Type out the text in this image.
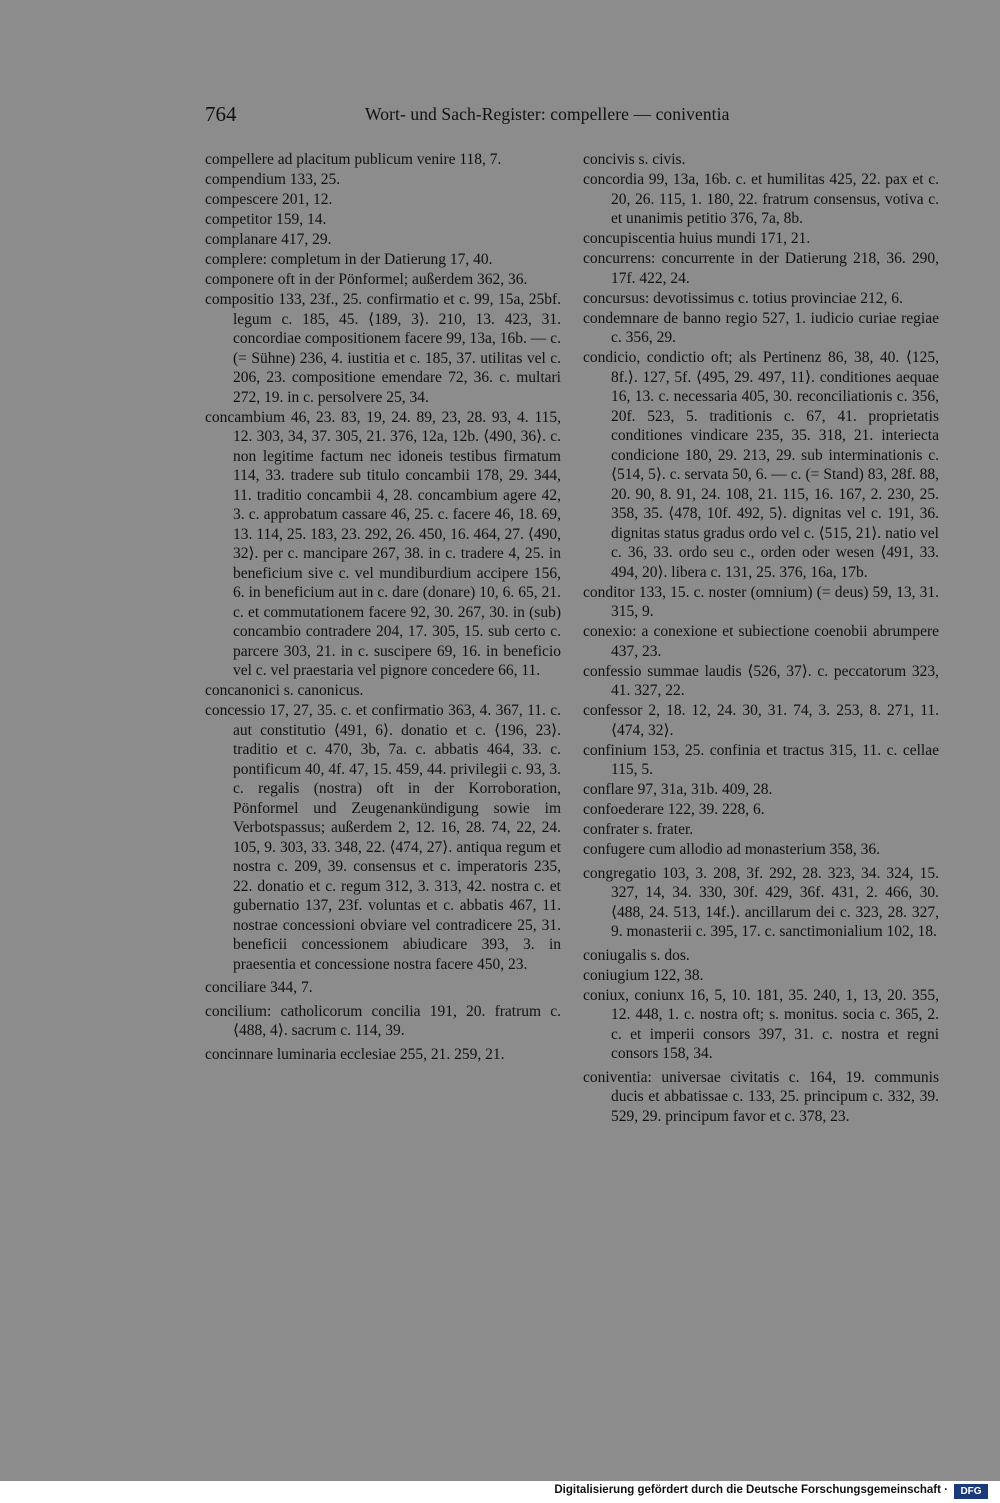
764	Wort- und Sach-Register: compellere — coniventia

compellere ad placitum publicum venire 118, 7.

compendium 133, 25.

compescere 201, 12.

competitor 159, 14.

complanare 417, 29.

complere: completum in der Datierung 17, 40.

componere oft in der Pönformel; außerdem 362, 36.

compositio 133, 23f., 25. confirmatio et c. 99, 15a, 25bf. legum c. 185, 45. ⟨189, 3⟩. 210, 13. 423, 31. concordiae compositionem facere 99, 13a, 16b. — c. (= Sühne) 236, 4. iustitia et c. 185, 37. utilitas vel c. 206, 23. compositione emendare 72, 36. c. multari 272, 19. in c. persolvere 25, 34.

concambium 46, 23. 83, 19, 24. 89, 23, 28. 93, 4. 115, 12. 303, 34, 37. 305, 21. 376, 12a, 12b. ⟨490, 36⟩. c. non legitime factum nec idoneis testibus firmatum 114, 33. tradere sub titulo concambii 178, 29. 344, 11. traditio concambii 4, 28. concambium agere 42, 3. c. approbatum cassare 46, 25. c. facere 46, 18. 69, 13. 114, 25. 183, 23. 292, 26. 450, 16. 464, 27. ⟨490, 32⟩. per c. mancipare 267, 38. in c. tradere 4, 25. in beneficium sive c. vel mundiburdium accipere 156, 6. in beneficium aut in c. dare (donare) 10, 6. 65, 21. c. et commutationem facere 92, 30. 267, 30. in (sub) concambio contradere 204, 17. 305, 15. sub certo c. parcere 303, 21. in c. suscipere 69, 16. in beneficio vel c. vel praestaria vel pignore concedere 66, 11.

concanonici s. canonicus.

concessio 17, 27, 35. c. et confirmatio 363, 4. 367, 11. c. aut constitutio ⟨491, 6⟩. donatio et c. ⟨196, 23⟩. traditio et c. 470, 3b, 7a. c. abbatis 464, 33. c. pontificum 40, 4f. 47, 15. 459, 44. privilegii c. 93, 3. c. regalis (nostra) oft in der Korroboration, Pönformel und Zeugenankündigung sowie im Verbotspassus; außerdem 2, 12. 16, 28. 74, 22, 24. 105, 9. 303, 33. 348, 22. ⟨474, 27⟩. antiqua regum et nostra c. 209, 39. consensus et c. imperatoris 235, 22. donatio et c. regum 312, 3. 313, 42. nostra c. et gubernatio 137, 23f. voluntas et c. abbatis 467, 11. nostrae concessioni obviare vel contradicere 25, 31. beneficii concessionem abiudicare 393, 3. in praesentia et concessione nostra facere 450, 23.

conciliare 344, 7.

concilium: catholicorum concilia 191, 20. fratrum c. ⟨488, 4⟩. sacrum c. 114, 39.

concinnare luminaria ecclesiae 255, 21. 259, 21.

concivis s. civis.

concordia 99, 13a, 16b. c. et humilitas 425, 22. pax et c. 20, 26. 115, 1. 180, 22. fratrum consensus, votiva c. et unanimis petitio 376, 7a, 8b.

concupiscentia huius mundi 171, 21.

concurrens: concurrente in der Datierung 218, 36. 290, 17f. 422, 24.

concursus: devotissimus c. totius provinciae 212, 6.

condemnare de banno regio 527, 1. iudicio curiae regiae c. 356, 29.

condicio, condictio oft; als Pertinenz 86, 38, 40. ⟨125, 8f.⟩. 127, 5f. ⟨495, 29. 497, 11⟩. conditiones aequae 16, 13. c. necessaria 405, 30. reconciliationis c. 356, 20f. 523, 5. traditionis c. 67, 41. proprietatis conditiones vindicare 235, 35. 318, 21. interiecta condicione 180, 29. 213, 29. sub interminationis c. ⟨514, 5⟩. c. servata 50, 6. — c. (= Stand) 83, 28f. 88, 20. 90, 8. 91, 24. 108, 21. 115, 16. 167, 2. 230, 25. 358, 35. ⟨478, 10f. 492, 5⟩. dignitas vel c. 191, 36. dignitas status gradus ordo vel c. ⟨515, 21⟩. natio vel c. 36, 33. ordo seu c., orden oder wesen ⟨491, 33. 494, 20⟩. libera c. 131, 25. 376, 16a, 17b.

conditor 133, 15. c. noster (omnium) (= deus) 59, 13, 31. 315, 9.

conexio: a conexione et subiectione coenobii abrumpere 437, 23.

confessio summae laudis ⟨526, 37⟩. c. peccatorum 323, 41. 327, 22.

confessor 2, 18. 12, 24. 30, 31. 74, 3. 253, 8. 271, 11. ⟨474, 32⟩.

confinium 153, 25. confinia et tractus 315, 11. c. cellae 115, 5.

conflare 97, 31a, 31b. 409, 28.

confoederare 122, 39. 228, 6.

confrater s. frater.

confugere cum allodio ad monasterium 358, 36.

congregatio 103, 3. 208, 3f. 292, 28. 323, 34. 324, 15. 327, 14, 34. 330, 30f. 429, 36f. 431, 2. 466, 30. ⟨488, 24. 513, 14f.⟩. ancillarum dei c. 323, 28. 327, 9. monasterii c. 395, 17. c. sanctimonialium 102, 18.

coniugalis s. dos.

coniugium 122, 38.

coniux, coniunx 16, 5, 10. 181, 35. 240, 1, 13, 20. 355, 12. 448, 1. c. nostra oft; s. monitus. socia c. 365, 2. c. et imperii consors 397, 31. c. nostra et regni consors 158, 34.

coniventia: universae civitatis c. 164, 19. communis ducis et abbatissae c. 133, 25. principum c. 332, 39. 529, 29. principum favor et c. 378, 23.

Digitalisierung gefördert durch die Deutsche Forschungsgemeinschaft ·	DFG
